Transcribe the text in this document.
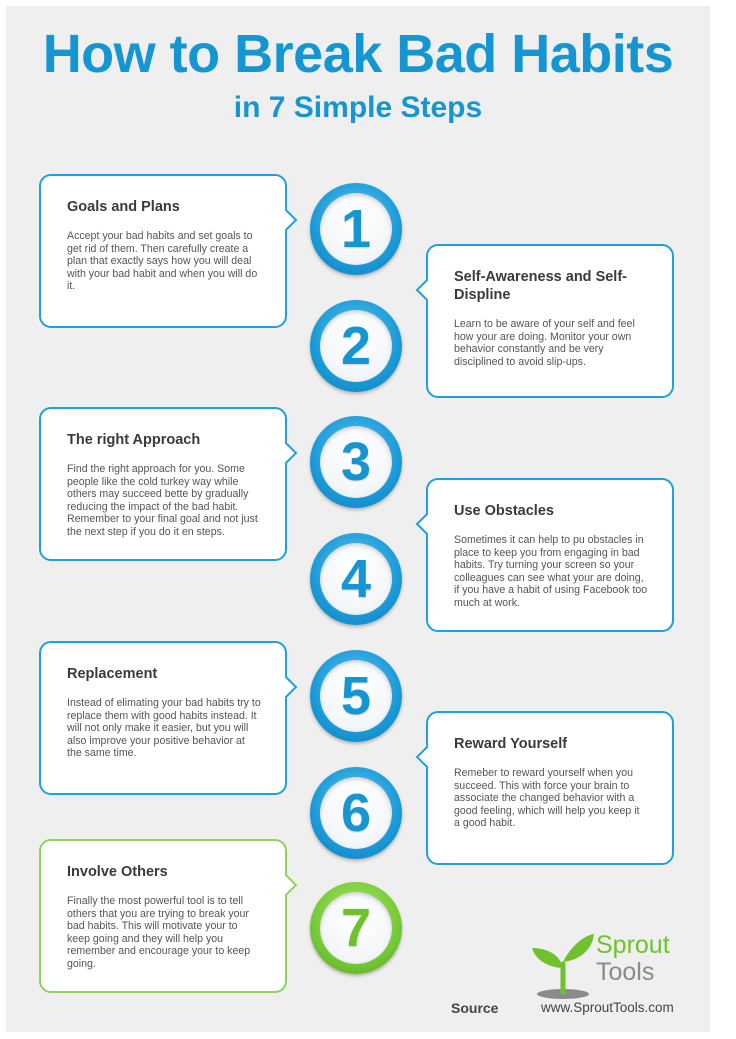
How to Break Bad Habits
in 7 Simple Steps
Goals and Plans
Accept your bad habits and set goals to get rid of them. Then carefully create a plan that exactly says how you will deal with your bad habit and when you will do it.
1
Self-Awareness and Self-Displine
Learn to be aware of your self and feel how your are doing. Monitor your own behavior constantly and be very disciplined to avoid slip-ups.
2
The right Approach
Find the right approach for you. Some people like the cold turkey way while others may succeed bette by gradually reducing the impact of the bad habit. Remember to your final goal and not just the next step if you do it en steps.
3
Use Obstacles
Sometimes it can help to pu obstacles in place to keep you from engaging in bad habits. Try turning your screen so your colleagues can see what your are doing, if you have a habit of using Facebook too much at work.
4
Replacement
Instead of elimating your bad habits try to replace them with good habits instead. It will not only make it easier, but you will also improve your positive behavior at the same time.
5
Reward Yourself
Remeber to reward yourself when you succeed. This with force your brain to associate the changed behavior with a good feeling, which will help you keep it a good habit.
6
Involve Others
Finally the most powerful tool is to tell others that you are trying to break your bad habits. This will motivate your to keep going and they will help you remember and encourage your to keep going.
7	Sprout
Tools
Source	www.SproutTools.com
